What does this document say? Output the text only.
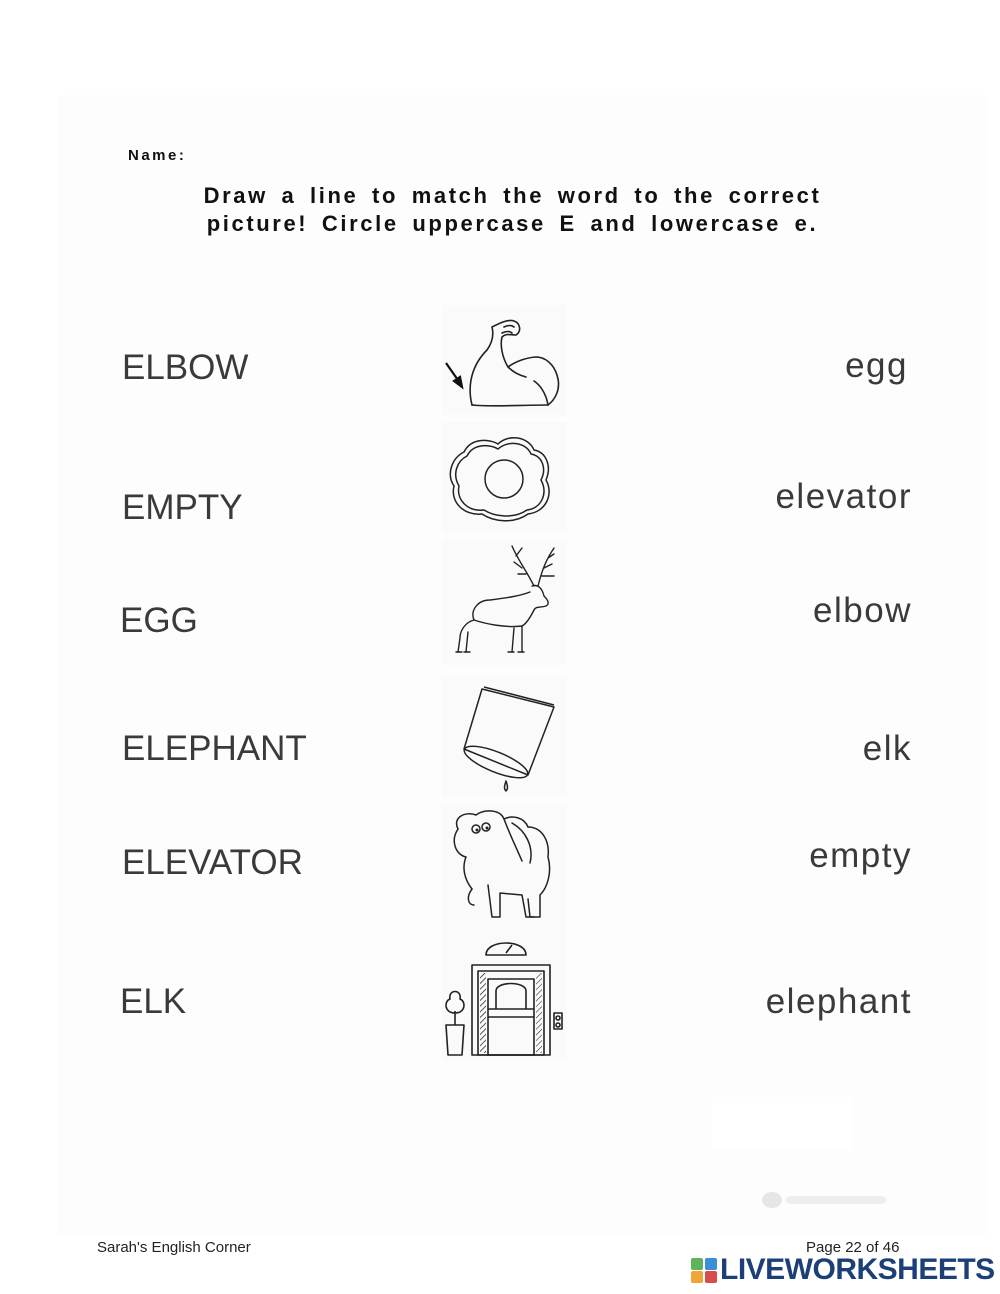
Name:
Draw a line to match the word to the correct
picture! Circle uppercase E and lowercase e.
ELBOW
EMPTY
EGG
ELEPHANT
ELEVATOR
ELK
egg
elevator
elbow
elk
empty
elephant
Sarah's English Corner	Page 22 of 46
LIVEWORKSHEETS
